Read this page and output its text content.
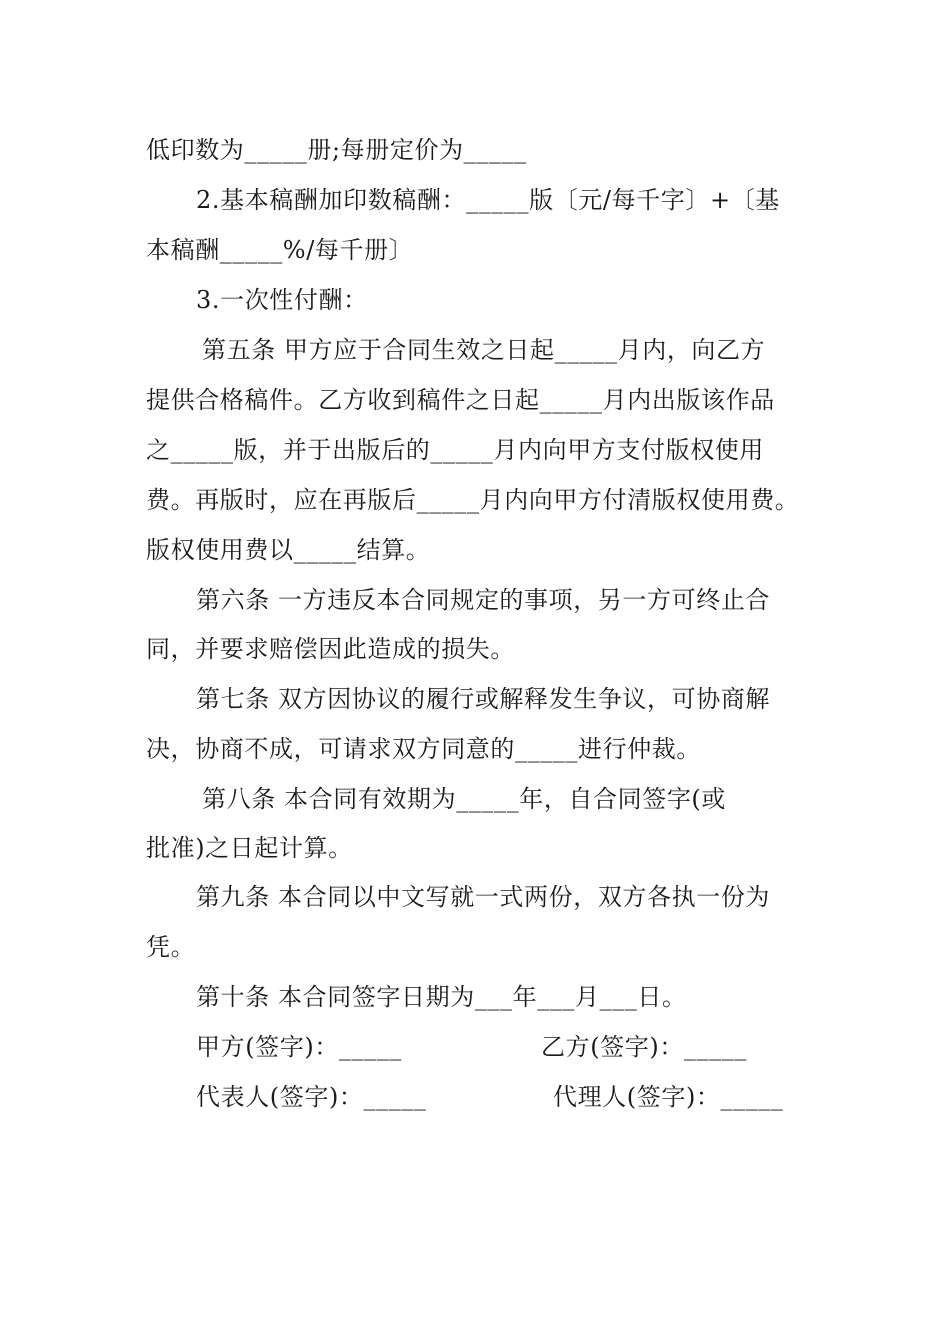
低印数为_____册;每册定价为_____
2.基本稿酬加印数稿酬：_____版〔元/每千字〕+〔基
本稿酬_____%/每千册〕
3.一次性付酬：
第五条 甲方应于合同生效之日起_____月内，向乙方
提供合格稿件。乙方收到稿件之日起_____月内出版该作品
之_____版，并于出版后的_____月内向甲方支付版权使用
费。再版时，应在再版后_____月内向甲方付清版权使用费。
版权使用费以_____结算。
第六条 一方违反本合同规定的事项，另一方可终止合
同，并要求赔偿因此造成的损失。
第七条 双方因协议的履行或解释发生争议，可协商解
决，协商不成，可请求双方同意的_____进行仲裁。
第八条 本合同有效期为_____年，自合同签字(或
批准)之日起计算。
第九条 本合同以中文写就一式两份，双方各执一份为
凭。
第十条 本合同签字日期为___年___月___日。
甲方(签字)：_____	乙方(签字)：_____
代表人(签字)：_____	代理人(签字)：_____
